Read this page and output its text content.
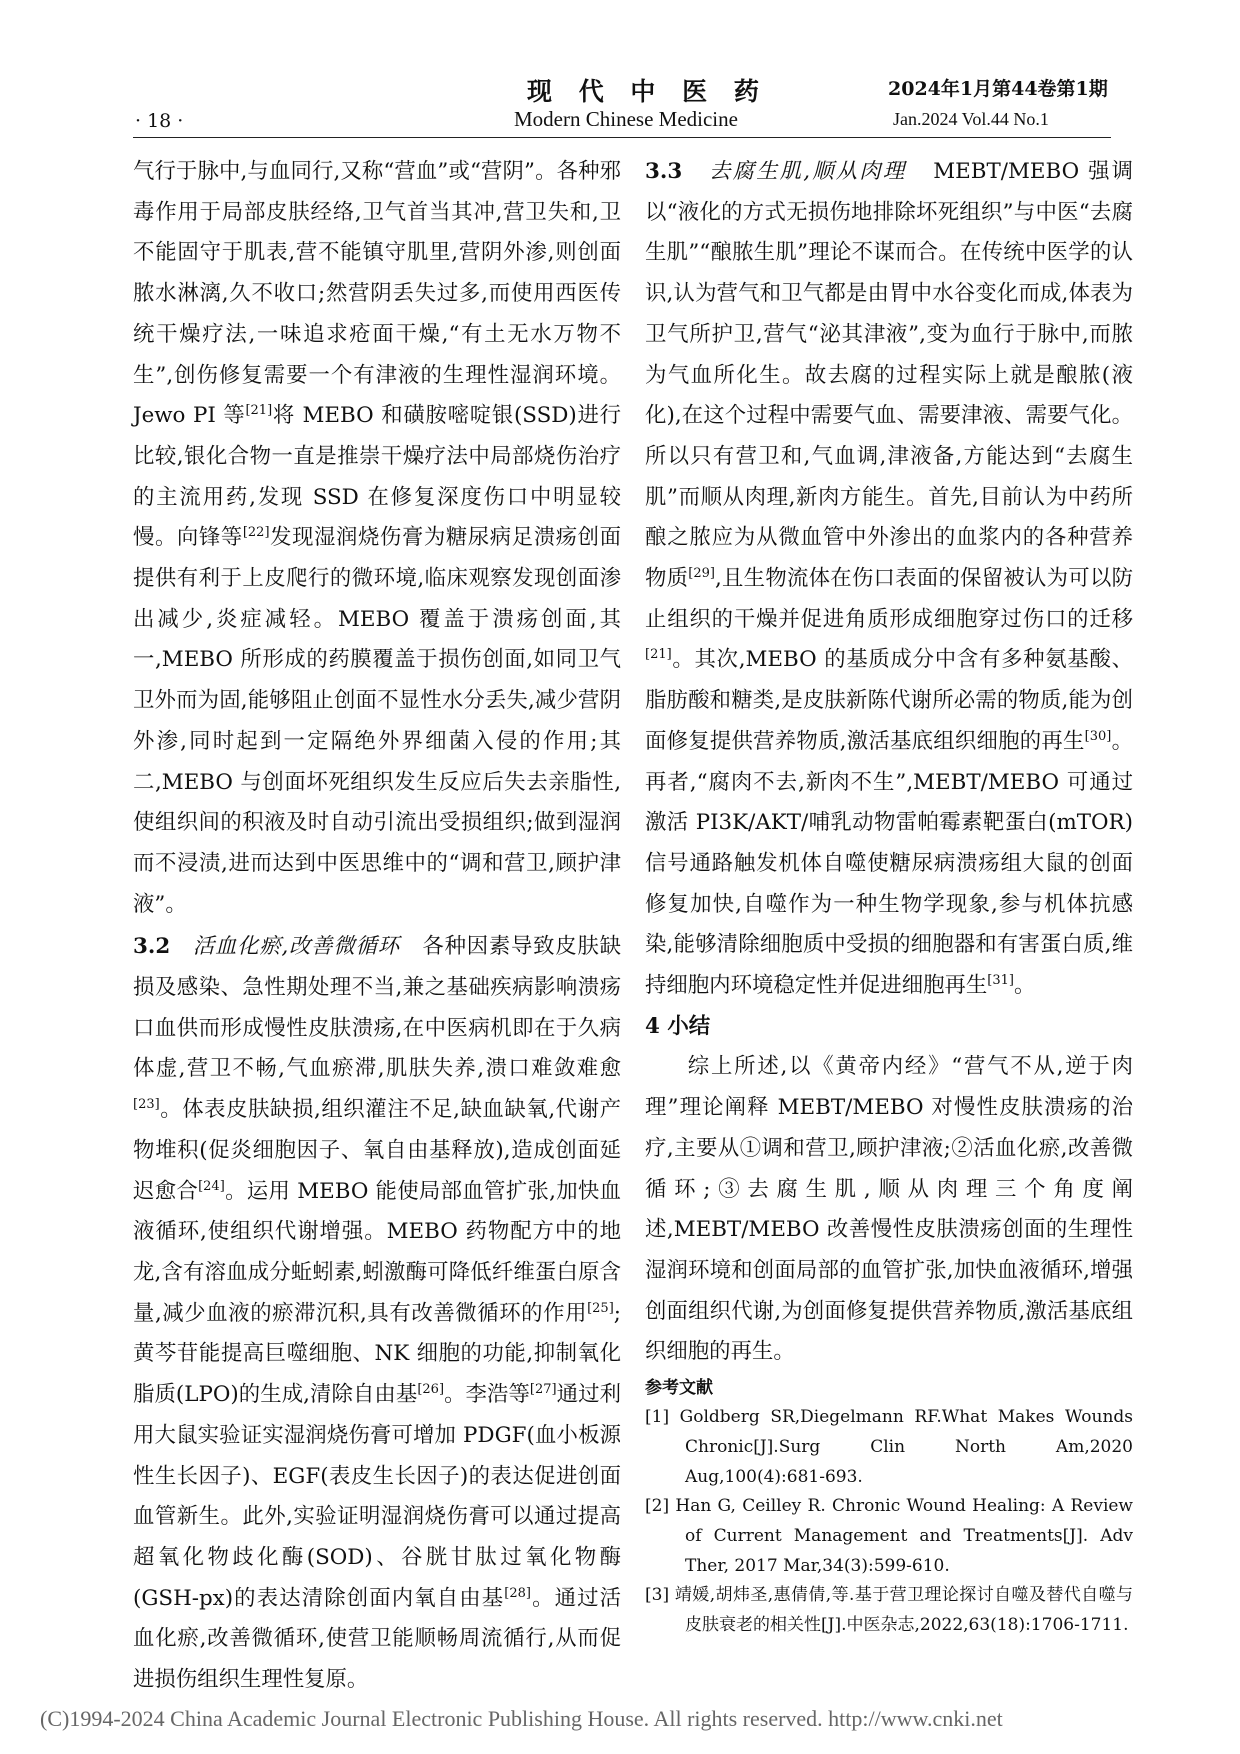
现 代 中 医 药	2024年1月第44卷第1期
· 18 ·	Modern Chinese Medicine	Jan.2024 Vol.44 No.1

气行于脉中,与血同行,又称“营血”或“营阴”。各种邪毒作用于局部皮肤经络,卫气首当其冲,营卫失和,卫不能固守于肌表,营不能镇守肌里,营阴外渗,则创面脓水淋漓,久不收口;然营阴丢失过多,而使用西医传统干燥疗法,一味追求疮面干燥,“有土无水万物不生”,创伤修复需要一个有津液的生理性湿润环境。Jewo PI 等[21]将 MEBO 和磺胺嘧啶银(SSD)进行比较,银化合物一直是推崇干燥疗法中局部烧伤治疗的主流用药,发现 SSD 在修复深度伤口中明显较慢。向锋等[22]发现湿润烧伤膏为糖尿病足溃疡创面提供有利于上皮爬行的微环境,临床观察发现创面渗出减少,炎症减轻。MEBO 覆盖于溃疡创面,其一,MEBO 所形成的药膜覆盖于损伤创面,如同卫气卫外而为固,能够阻止创面不显性水分丢失,减少营阴外渗,同时起到一定隔绝外界细菌入侵的作用;其二,MEBO 与创面坏死组织发生反应后失去亲脂性,使组织间的积液及时自动引流出受损组织;做到湿润而不浸渍,进而达到中医思维中的“调和营卫,顾护津液”。

3.2 活血化瘀,改善微循环 各种因素导致皮肤缺损及感染、急性期处理不当,兼之基础疾病影响溃疡口血供而形成慢性皮肤溃疡,在中医病机即在于久病体虚,营卫不畅,气血瘀滞,肌肤失养,溃口难敛难愈[23]。体表皮肤缺损,组织灌注不足,缺血缺氧,代谢产物堆积(促炎细胞因子、氧自由基释放),造成创面延迟愈合[24]。运用 MEBO 能使局部血管扩张,加快血液循环,使组织代谢增强。MEBO 药物配方中的地龙,含有溶血成分蚯蚓素,蚓激酶可降低纤维蛋白原含量,减少血液的瘀滞沉积,具有改善微循环的作用[25];黄芩苷能提高巨噬细胞、NK 细胞的功能,抑制氧化脂质(LPO)的生成,清除自由基[26]。李浩等[27]通过利用大鼠实验证实湿润烧伤膏可增加 PDGF(血小板源性生长因子)、EGF(表皮生长因子)的表达促进创面血管新生。此外,实验证明湿润烧伤膏可以通过提高超氧化物歧化酶(SOD)、谷胱甘肽过氧化物酶(GSH-px)的表达清除创面内氧自由基[28]。通过活血化瘀,改善微循环,使营卫能顺畅周流循行,从而促进损伤组织生理性复原。

3.3 去腐生肌,顺从肉理 MEBT/MEBO 强调以“液化的方式无损伤地排除坏死组织”与中医“去腐生肌”“酿脓生肌”理论不谋而合。在传统中医学的认识,认为营气和卫气都是由胃中水谷变化而成,体表为卫气所护卫,营气“泌其津液”,变为血行于脉中,而脓为气血所化生。故去腐的过程实际上就是酿脓(液化),在这个过程中需要气血、需要津液、需要气化。所以只有营卫和,气血调,津液备,方能达到“去腐生肌”而顺从肉理,新肉方能生。首先,目前认为中药所酿之脓应为从微血管中外渗出的血浆内的各种营养物质[29],且生物流体在伤口表面的保留被认为可以防止组织的干燥并促进角质形成细胞穿过伤口的迁移[21]。其次,MEBO 的基质成分中含有多种氨基酸、脂肪酸和糖类,是皮肤新陈代谢所必需的物质,能为创面修复提供营养物质,激活基底组织细胞的再生[30]。再者,“腐肉不去,新肉不生”,MEBT/MEBO 可通过激活 PI3K/AKT/哺乳动物雷帕霉素靶蛋白(mTOR)信号通路触发机体自噬使糖尿病溃疡组大鼠的创面修复加快,自噬作为一种生物学现象,参与机体抗感染,能够清除细胞质中受损的细胞器和有害蛋白质,维持细胞内环境稳定性并促进细胞再生[31]。

4 小结

综上所述,以《黄帝内经》“营气不从,逆于肉理”理论阐释 MEBT/MEBO 对慢性皮肤溃疡的治疗,主要从①调和营卫,顾护津液;②活血化瘀,改善微循环;③去腐生肌,顺从肉理三个角度阐述,MEBT/MEBO 改善慢性皮肤溃疡创面的生理性湿润环境和创面局部的血管扩张,加快血液循环,增强创面组织代谢,为创面修复提供营养物质,激活基底组织细胞的再生。

参考文献

[1] Goldberg SR,Diegelmann RF.What Makes Wounds Chronic[J].Surg Clin North Am,2020 Aug,100(4):681-693.

[2] Han G, Ceilley R. Chronic Wound Healing: A Review of Current Management and Treatments[J]. Adv Ther, 2017 Mar,34(3):599-610.

[3] 靖媛,胡炜圣,惠倩倩,等.基于营卫理论探讨自噬及替代自噬与皮肤衰老的相关性[J].中医杂志,2022,63(18):1706-1711.

(C)1994-2024 China Academic Journal Electronic Publishing House. All rights reserved. http://www.cnki.net
